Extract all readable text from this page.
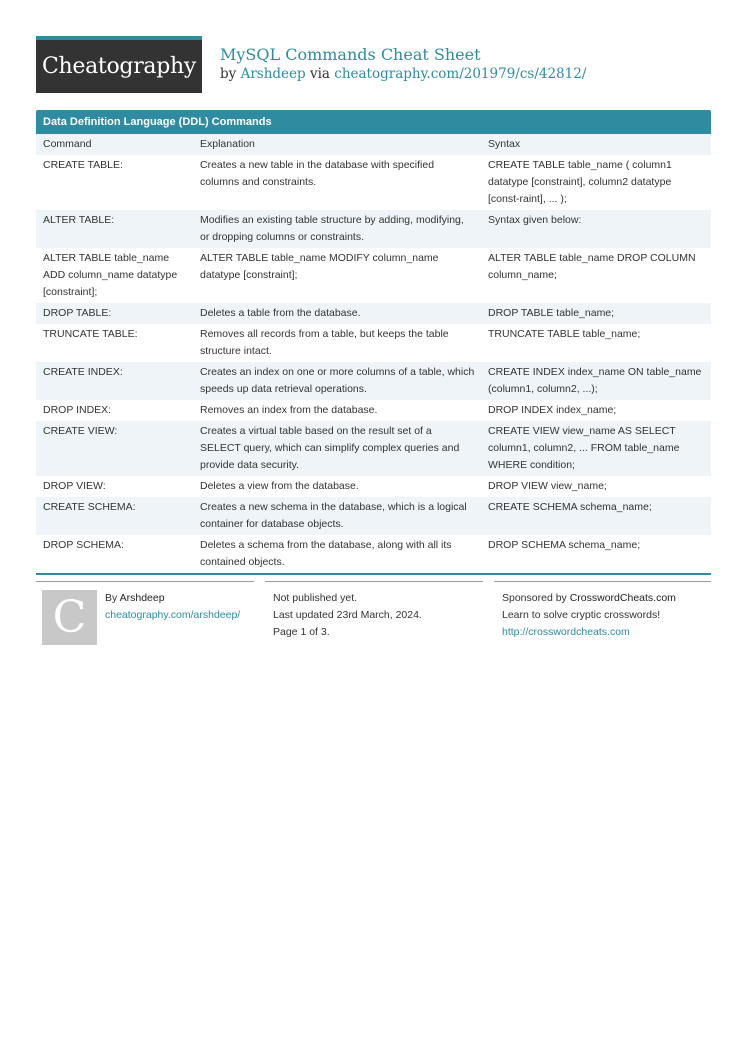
Cheatography MySQL Commands Cheat Sheet
by Arshdeep via cheatography.com/201979/cs/42812/
Data Definition Language (DDL) Commands
Command	Explanation	Syntax
CREATE TABLE:	Creates a new table in the database with specified columns and constraints.	CREATE TABLE table_name ( column1 datatype [constraint], column2 datatype [const-raint], ... );
ALTER TABLE:	Modifies an existing table structure by adding, modifying, or dropping columns or constraints.	Syntax given below:
ALTER TABLE table_name ADD column_name datatype [constraint];	ALTER TABLE table_name MODIFY column_name datatype [constraint];	ALTER TABLE table_name DROP COLUMN column_name;
DROP TABLE:	Deletes a table from the database.	DROP TABLE table_name;
TRUNCATE TABLE:	Removes all records from a table, but keeps the table structure intact.	TRUNCATE TABLE table_name;
CREATE INDEX:	Creates an index on one or more columns of a table, which speeds up data retrieval operations.	CREATE INDEX index_name ON table_name (column1, column2, ...);
DROP INDEX:	Removes an index from the database.	DROP INDEX index_name;
CREATE VIEW:	Creates a virtual table based on the result set of a SELECT query, which can simplify complex queries and provide data security.	CREATE VIEW view_name AS SELECT column1, column2, ... FROM table_name WHERE condition;
DROP VIEW:	Deletes a view from the database.	DROP VIEW view_name;
CREATE SCHEMA:	Creates a new schema in the database, which is a logical container for database objects.	CREATE SCHEMA schema_name;
DROP SCHEMA:	Deletes a schema from the database, along with all its contained objects.	DROP SCHEMA schema_name;
C By Arshdeep
cheatography.com/arshdeep/
Not published yet.
Last updated 23rd March, 2024.
Page 1 of 3.
Sponsored by CrosswordCheats.com
Learn to solve cryptic crosswords!
http://crosswordcheats.com
